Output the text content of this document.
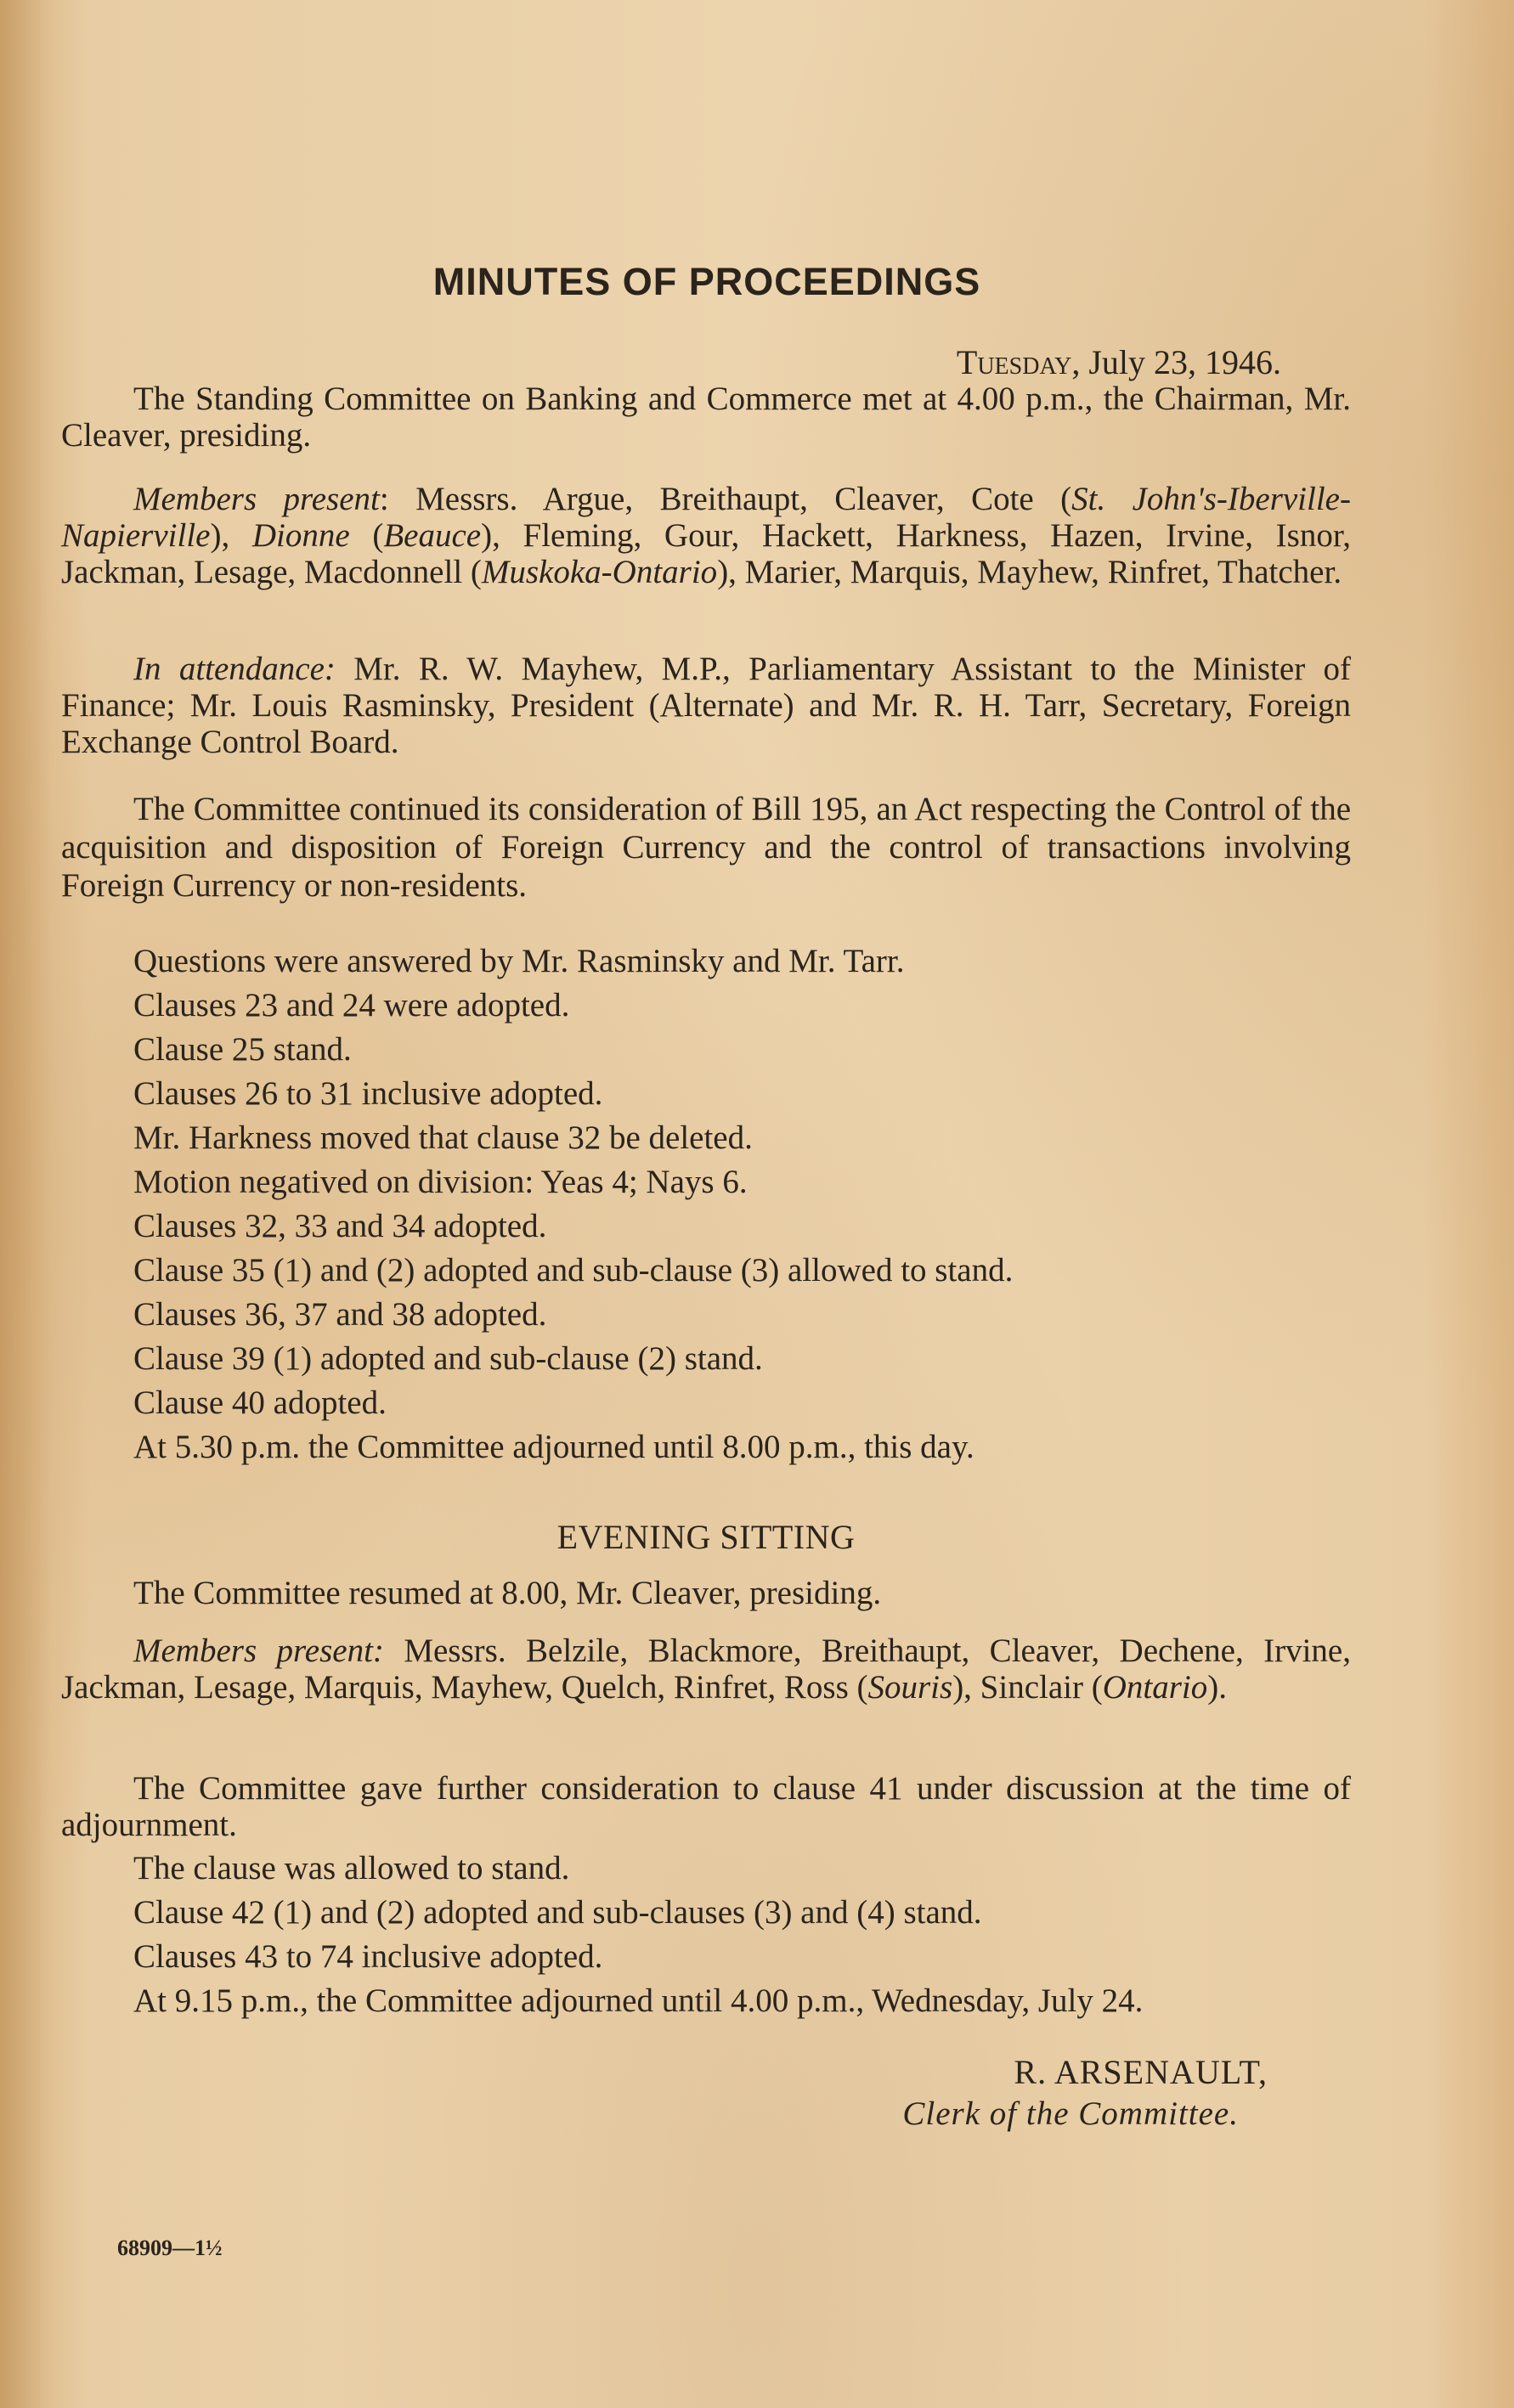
MINUTES OF PROCEEDINGS
Tuesday, July 23, 1946.

The Standing Committee on Banking and Commerce met at 4.00 p.m., the Chairman, Mr. Cleaver, presiding.

Members present: Messrs. Argue, Breithaupt, Cleaver, Cote (St. John's-Iberville-Napierville), Dionne (Beauce), Fleming, Gour, Hackett, Harkness, Hazen, Irvine, Isnor, Jackman, Lesage, Macdonnell (Muskoka-Ontario), Marier, Marquis, Mayhew, Rinfret, Thatcher.

In attendance: Mr. R. W. Mayhew, M.P., Parliamentary Assistant to the Minister of Finance; Mr. Louis Rasminsky, President (Alternate) and Mr. R. H. Tarr, Secretary, Foreign Exchange Control Board.

The Committee continued its consideration of Bill 195, an Act respecting the Control of the acquisition and disposition of Foreign Currency and the control of transactions involving Foreign Currency or non-residents.

Questions were answered by Mr. Rasminsky and Mr. Tarr.
Clauses 23 and 24 were adopted.
Clause 25 stand.
Clauses 26 to 31 inclusive adopted.
Mr. Harkness moved that clause 32 be deleted.
Motion negatived on division: Yeas 4; Nays 6.
Clauses 32, 33 and 34 adopted.
Clause 35 (1) and (2) adopted and sub-clause (3) allowed to stand.
Clauses 36, 37 and 38 adopted.
Clause 39 (1) adopted and sub-clause (2) stand.
Clause 40 adopted.
At 5.30 p.m. the Committee adjourned until 8.00 p.m., this day.
EVENING SITTING
The Committee resumed at 8.00, Mr. Cleaver, presiding.

Members present: Messrs. Belzile, Blackmore, Breithaupt, Cleaver, Dechene, Irvine, Jackman, Lesage, Marquis, Mayhew, Quelch, Rinfret, Ross (Souris), Sinclair (Ontario).

The Committee gave further consideration to clause 41 under discussion at the time of adjournment.

The clause was allowed to stand.
Clause 42 (1) and (2) adopted and sub-clauses (3) and (4) stand.
Clauses 43 to 74 inclusive adopted.
At 9.15 p.m., the Committee adjourned until 4.00 p.m., Wednesday, July 24.
R. ARSENAULT,
Clerk of the Committee.
68909—1½
